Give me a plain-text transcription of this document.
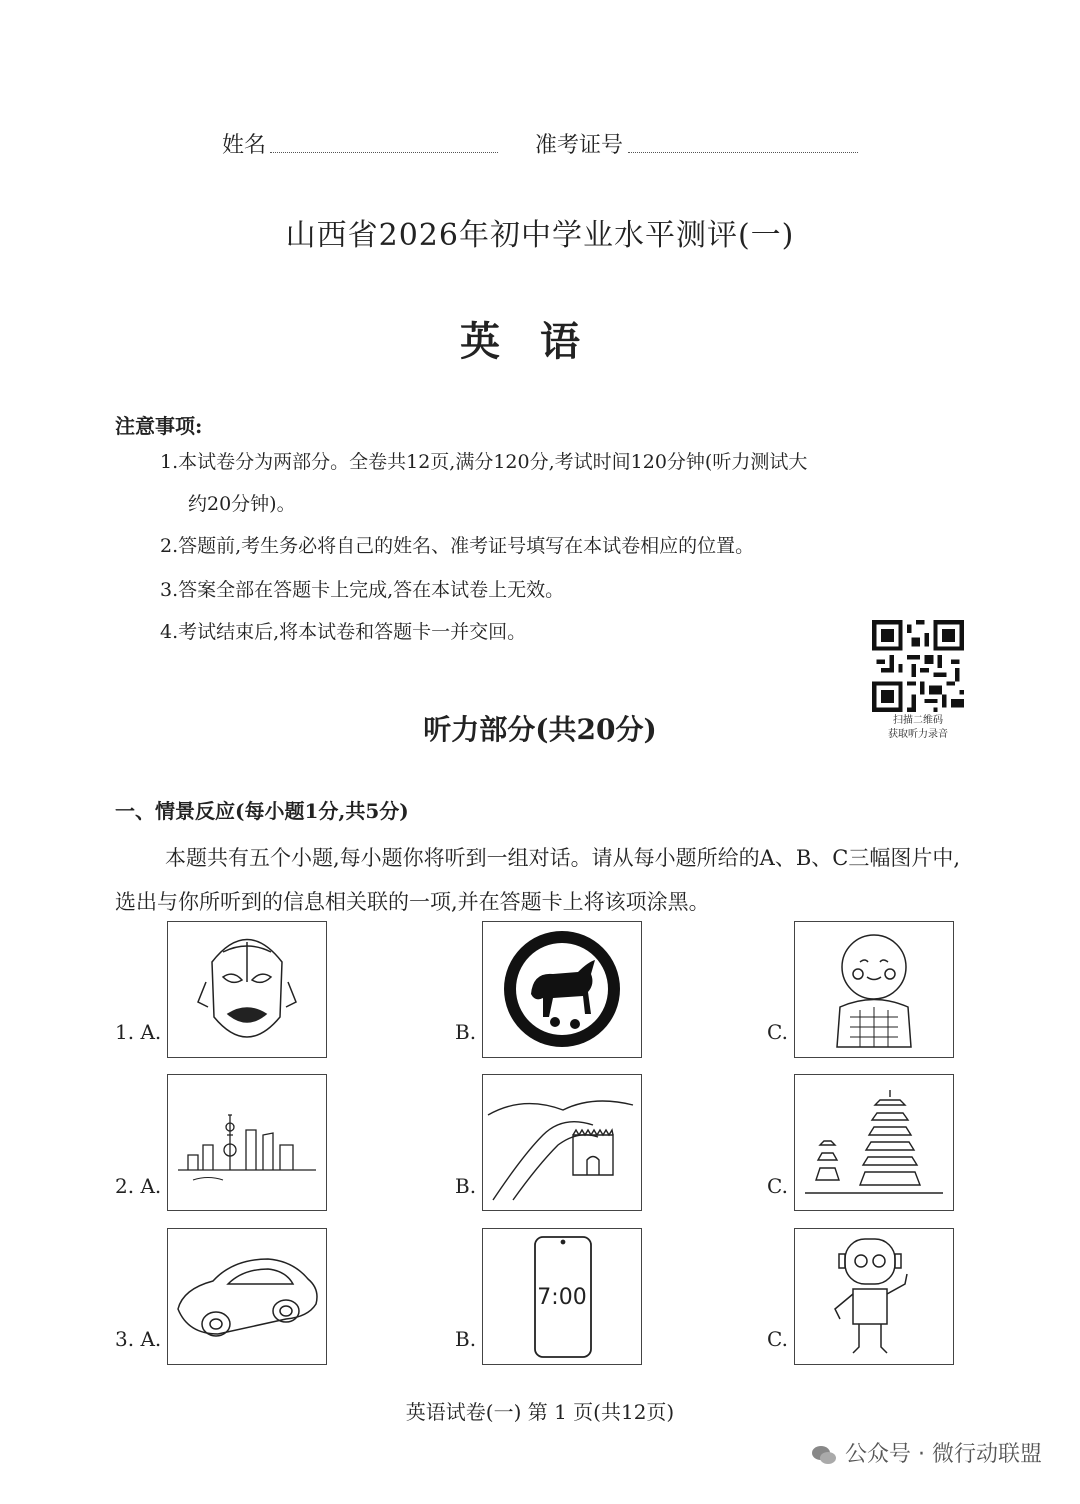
姓名	准考证号
山西省2026年初中学业水平测评(一)
英语
注意事项:
1.本试卷分为两部分。全卷共12页,满分120分,考试时间120分钟(听力测试大
约20分钟)。
2.答题前,考生务必将自己的姓名、准考证号填写在本试卷相应的位置。
3.答案全部在答题卡上完成,答在本试卷上无效。
4.考试结束后,将本试卷和答题卡一并交回。
扫描二维码
获取听力录音
听力部分(共20分)
一、情景反应(每小题1分,共5分)
本题共有五个小题,每小题你将听到一组对话。请从每小题所给的A、B、C三幅图片中,选出与你所听到的信息相关联的一项,并在答题卡上将该项涂黑。
1. A.	B.	C.
2. A.	B.	C.
3. A.	B.
7:00
C.
英语试卷(一) 第 1 页(共12页)
公众号 · 微行动联盟
